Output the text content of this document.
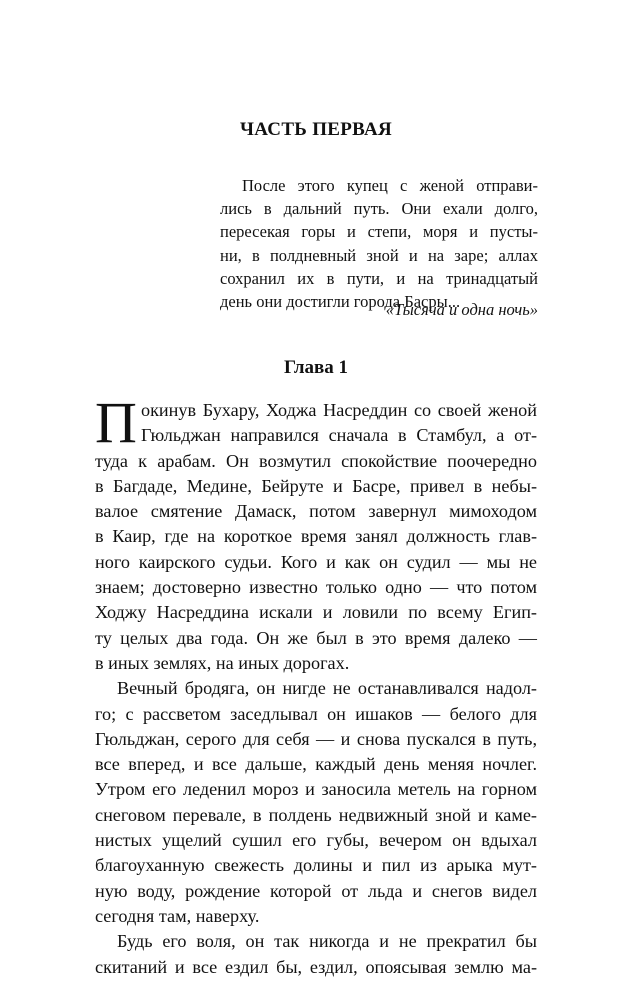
ЧАСТЬ ПЕРВАЯ
После этого купец с женой отправи-
лись в дальний путь. Они ехали долго,
пересекая горы и степи, моря и пусты-
ни, в полдневный зной и на заре; аллах
сохранил их в пути, и на тринадцатый
день они достигли города Басры...
«Тысяча и одна ночь»
Глава 1
П окинув Бухару, Ходжа Насреддин со своей женой
Гюльджан направился сначала в Стамбул, а от-
туда к арабам. Он возмутил спокойствие поочередно
в Багдаде, Медине, Бейруте и Басре, привел в небы-
валое смятение Дамаск, потом завернул мимоходом
в Каир, где на короткое время занял должность глав-
ного каирского судьи. Кого и как он судил — мы не
знаем; достоверно известно только одно — что потом
Ходжу Насреддина искали и ловили по всему Егип-
ту целых два года. Он же был в это время далеко —
в иных землях, на иных дорогах.
Вечный бродяга, он нигде не останавливался надол-
го; с рассветом заседлывал он ишаков — белого для
Гюльджан, серого для себя — и снова пускался в путь,
все вперед, и все дальше, каждый день меняя ночлег.
Утром его леденил мороз и заносила метель на горном
снеговом перевале, в полдень недвижный зной и камe-
нистых ущелий сушил его губы, вечером он вдыхал
благоуханную свежесть долины и пил из арыка мут-
ную воду, рождение которой от льда и снегов видел
сегодня там, наверху.
Будь его воля, он так никогда и не прекратил бы
скитаний и все ездил бы, ездил, опоясывая землю ма-
